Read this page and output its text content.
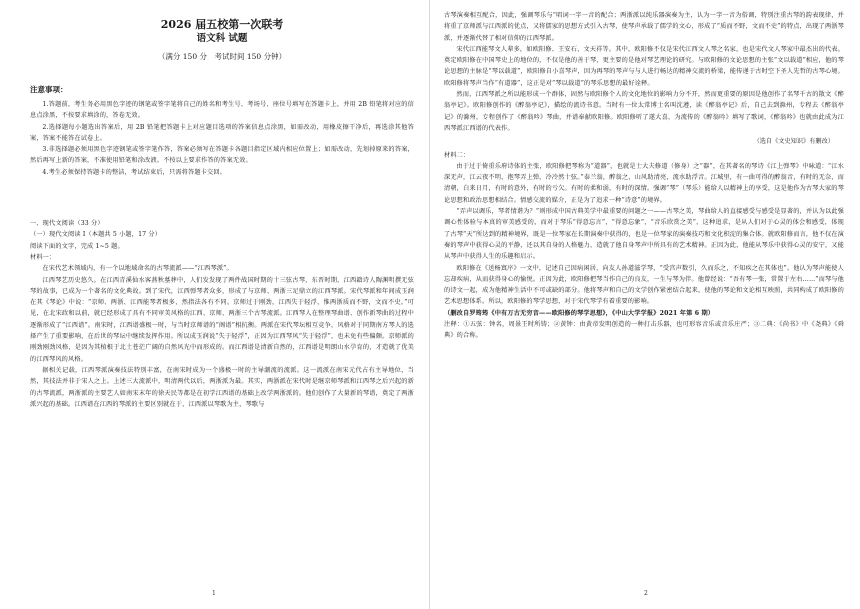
2026 届五校第一次联考

语文科 试题

（满分 150 分　考试时间 150 分钟）

注意事项：

1.答题前，考生务必用黑色字迹的钢笔或签字笔将自己的姓名和考生号、考场号、座位号填写在答题卡上，并用 2B 铅笔将对应的信息点涂黑，不按要求填涂的，答卷无效。

2.选择题每小题选出答案后，用 2B 铅笔把答题卡上对应题目选项的答案信息点涂黑，如需改动，用橡皮擦干净后，再选涂其他答案，答案不能答在试卷上。

3.非选择题必须用黑色字迹钢笔或签字笔作答，答案必须写在答题卡各题目指定区域内相应位置上；如需改动，先划掉原来的答案，然后再写上新的答案，不准使用铅笔和涂改液。不按以上要求作答的答案无效。

4.考生必须保持答题卡的整洁，考试结束后，只需将答题卡交回。

一、现代文阅读（33 分）

（一）现代文阅读 I（本题共 5 小题，17 分）

阅读下面的文字，完成 1~5 题。

材料一：

在宋代艺术领域内，有一个以地域命名的古琴流派——“江西琴派”。

江西琴艺历史悠久。在江西青溪仙水客燕秋墓葬中，人们发发现了两件战国时期的十三弦古琴，东晋时期，江西籍诗人陶渊明撰无弦琴的故事，已成为一个著名的文化典故。到了宋代，江西弹琴者众多，形成了与京师、两浙三足鼎立的江西琴派。宋代琴派和年间成玉润在其《琴论》中说：“京师、两浙、江西能琴者极多，然指法各有不同。京师过于刚劲，江西失于轻浮，惟两浙质而不野，文而不史。”可见，在北宋政和以前，就已经形成了具有不同审美风格的江西、京师、两浙三个古琴流派。江西琴人在整理琴曲谱、创作新琴曲的过程中逐渐形成了“江西谱”。南宋时，江西谱盛极一时，与当时京师谱的“阁谱”相抗衡。两派在宋代琴坛相互竞争，风格对于同期南方琴人的选择产生了重要影响，在后世的琴坛中继续发挥作用。所以成玉润说“失于轻浮”，正因为江西琴风“失于轻浮”，也未免有些偏颇。京师派的刚劲刚劲风格，是因为其植根于北土苍茫广阔的自然风光中而形成的。而江西谱是清新自然的，江西谱是明朗山水孕育的，才造就了优美的江西琴风的风格。

据相关记载，江西琴派演奏技法特别丰富，在南宋时成为一个盛极一时的主导潮流的流派。这一流派在南宋元代占有主导地位，当然，其技法并非于宋人之上。上述三大流派中，明清两代以后，两浙派为最。其实，两浙派在宋代时是继京师琴派和江西琴之后兴起的新的古琴流派，两浙派的主要艺人如南宋末年的徐天民等都是在初学江西谱的基础上改学两浙派的。他们创作了大量新的琴谱，奠定了两浙派兴起的基础。江西谱在江西的琴派的主要区别就在于，江西派以琴歌为主，琴歌与

1

古琴演奏相互配合，因此，强调琴乐与“唱词一字一音的配合；两浙派以纯乐器演奏为主，认为一字一音为俗调，特别注重古琴的韵表现律，并将重了京师派与江西派的优点，又将儒家的思想方式引入古琴，使琴声承载了儒学的文心，形成了“质而不野，文而不史”的特点，出现了两浙琴派，并逐渐代替了相对信仰的江西琴派。

宋代江西能琴文人辈多，如欧阳修、王安石、文天祥等。其中，欧阳修不仅是宋代江西文人琴之名家，也是宋代文人琴家中最杰出的代表。奠定欧阳修在中国琴史上的地位的，不仅是他的善于琴，更主要的是他对琴艺理论的研究。与欧阳修的文论思想的主张“文以载道”相应，他的琴论思想的主脉是“琴以载道”，欧阳修自小喜琴声，因为再琴的琴声与与人进行畅达的精神交流的桥梁，能传递于古时空下圣人先哲的古琴心境。欧阳修将琴声当作“有道器”，这正是对“琴以载道”的琴乐思想的最好诠释。

然而，江西琴派之所以能形成一个群体，固然与欧阳修个人的文化地位的影响力分不开，然而更重要的原因是他创作了名琴千古的散文《醉翁亭记》。欧阳修创作的《醉翁亭记》，描绘的流诗书意。当时有一位太常博士名叫沈遵，读《醉翁亭记》后，自己去到滁州，专程去《醉翁亭记》的滁州，专程创作了《醉翁吟》琴曲，并谱奉献欧阳修。欧阳修听了遂大喜，为流传的《醉翁吟》填写了歌词，《醉翁吟》也就由此成为江西琴派江西谱的代表作。

（选自《文史知识》有删改）

材料二：

由于过于倚重乐府诗体的主张，欧阳修把琴称为“道器”，也就是士大夫修道（修身）之“器”，在其著名的琴诗《江上弹琴》中咏道：“江水深无声，江云夜不明，抱琴弄上弹，冷冷然十弦。”泰兰翁，醉翁之，山风助清亮，流水助浮音。江城里，有一曲可得的醉翁音，有时的无奈，而清朝，白来日月，有时的意外，有时的亏欠。有时的柔和弱，有时的深情。强调“琴”（琴乐）能给人以精神上的享受，这是他作为古琴大家的琴论思想和政治思想相结合。情感交流的媒介，正是为了追求一种“诗意”的境界。

“弄声以调乐，琴者情谐为？”则形成中国古典美学中最重要的问题之一——古琴之美，琴曲给人的直接感受与感受是显著的，并认为以此强调心性体验与本真的审美感受的，而对于琴乐“得意忘言”，“得意忘象”，“音乐欣赏之美”，这种追求，是从人们对于心灵的体会和感受，体现了古琴“天”所达到的精神境界，既是一位琴家在长期演奏中获得的，也是一位琴家的演奏技巧和文化积淀的集合体。就欧阳修而言，他不仅在演奏的琴声中获得心灵的平静，还以其自身的人格魅力，造就了他自身琴声中所具有的艺术精神。正因为此，他能从琴乐中获得心灵的安宁，又能从琴声中获得人生的乐趣和启示。

欧阳修在《送杨寘序》一文中，记述自己因病闲居，向友人孙道滋学琴，“受宫声数引，久而乐之，不知疾之在其体也”。他认为琴声能使人忘却疾病，从而获得身心的愉悦。正因为此，欧阳修把琴当作自己的良友，一生与琴为伴。他曾经说：“吾有琴一张，常置于左右……”而琴与他的诗文一起，成为他精神生活中不可或缺的部分。他将琴声和自己的文学创作紧密结合起来，使他的琴论和文论相互映照，共同构成了欧阳修的艺术思想体系。所以，欧阳修的琴学思想，对于宋代琴学有着重要的影响。

（删改自罗筠筠《中有万古无穷音——欧阳修的琴学思想》，《中山大学学报》2021 年第 6 期）

注释：①五弦：钟名，周景王时所铸；②黄钟：由黄帝发明创造的一种打击乐器，也可形容音乐或音乐庄严；③二典：《尚书》中《尧典》《舜典》的合称。

2
